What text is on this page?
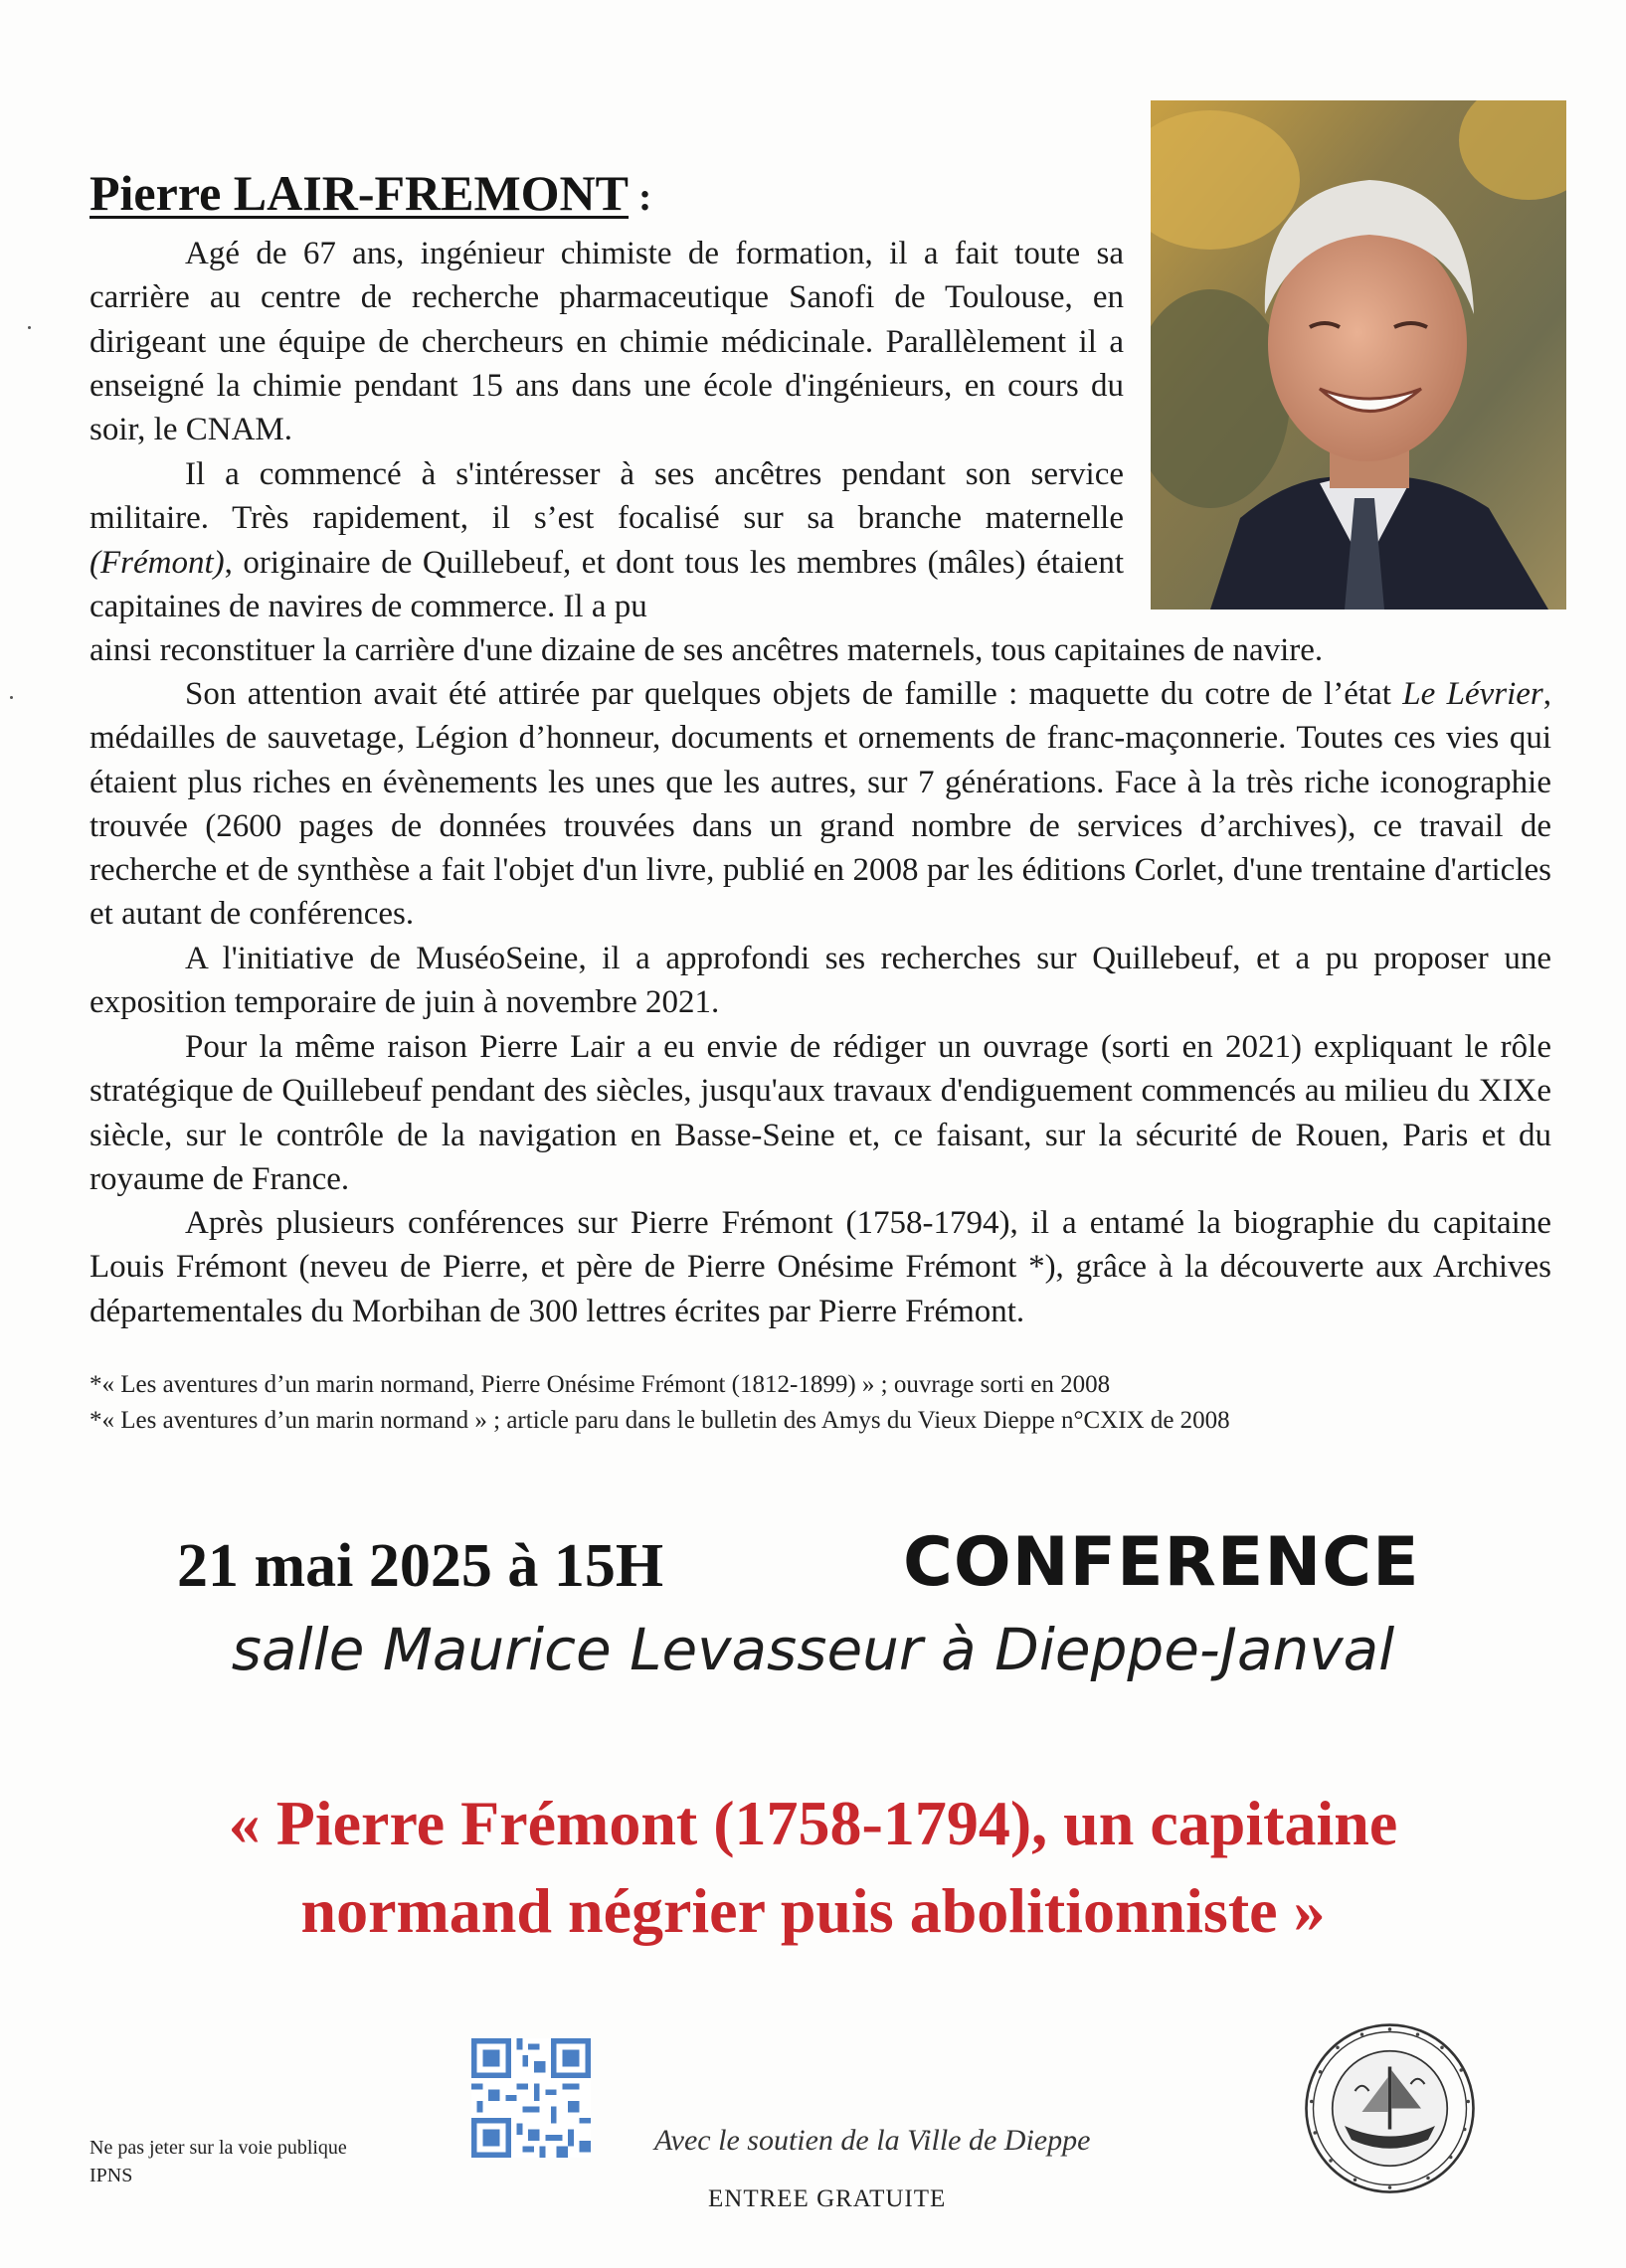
Pierre LAIR-FREMONT :
Agé de 67 ans, ingénieur chimiste de formation, il a fait toute sa carrière au centre de recherche pharmaceutique Sanofi de Toulouse, en dirigeant une équipe de chercheurs en chimie médicinale. Parallèlement il a enseigné la chimie pendant 15 ans dans une école d'ingénieurs, en cours du soir, le CNAM.
Il a commencé à s'intéresser à ses ancêtres pendant son service militaire. Très rapidement, il s’est focalisé sur sa branche maternelle (Frémont), originaire de Quillebeuf, et dont tous les membres (mâles) étaient capitaines de navires de commerce. Il a pu
ainsi reconstituer la carrière d'une dizaine de ses ancêtres maternels, tous capitaines de navire.
Son attention avait été attirée par quelques objets de famille : maquette du cotre de l’état Le Lévrier, médailles de sauvetage, Légion d’honneur, documents et ornements de franc-maçonnerie. Toutes ces vies qui étaient plus riches en évènements les unes que les autres, sur 7 générations. Face à la très riche iconographie trouvée (2600 pages de données trouvées dans un grand nombre de services d’archives), ce travail de recherche et de synthèse a fait l'objet d'un livre, publié en 2008 par les éditions Corlet, d'une trentaine d'articles et autant de conférences.
A l'initiative de MuséoSeine, il a approfondi ses recherches sur Quillebeuf, et a pu proposer une exposition temporaire de juin à novembre 2021.
Pour la même raison Pierre Lair a eu envie de rédiger un ouvrage (sorti en 2021) expliquant le rôle stratégique de Quillebeuf pendant des siècles, jusqu'aux travaux d'endiguement commencés au milieu du XIXe siècle, sur le contrôle de la navigation en Basse-Seine et, ce faisant, sur la sécurité de Rouen, Paris et du royaume de France.
Après plusieurs conférences sur Pierre Frémont (1758-1794), il a entamé la biographie du capitaine Louis Frémont (neveu de Pierre, et père de Pierre Onésime Frémont *), grâce à la découverte aux Archives départementales du Morbihan de 300 lettres écrites par Pierre Frémont.
*« Les aventures d’un marin normand, Pierre Onésime Frémont (1812-1899) » ; ouvrage sorti en 2008
*« Les aventures d’un marin normand » ; article paru dans le bulletin des Amys du Vieux Dieppe n°CXIX de 2008
21 mai 2025 à 15H	CONFERENCE
salle Maurice Levasseur à Dieppe-Janval
« Pierre Frémont (1758-1794), un capitaine
normand négrier puis abolitionniste »
Ne pas jeter sur la voie publique
IPNS
Avec le soutien de la Ville de Dieppe
ENTREE GRATUITE
